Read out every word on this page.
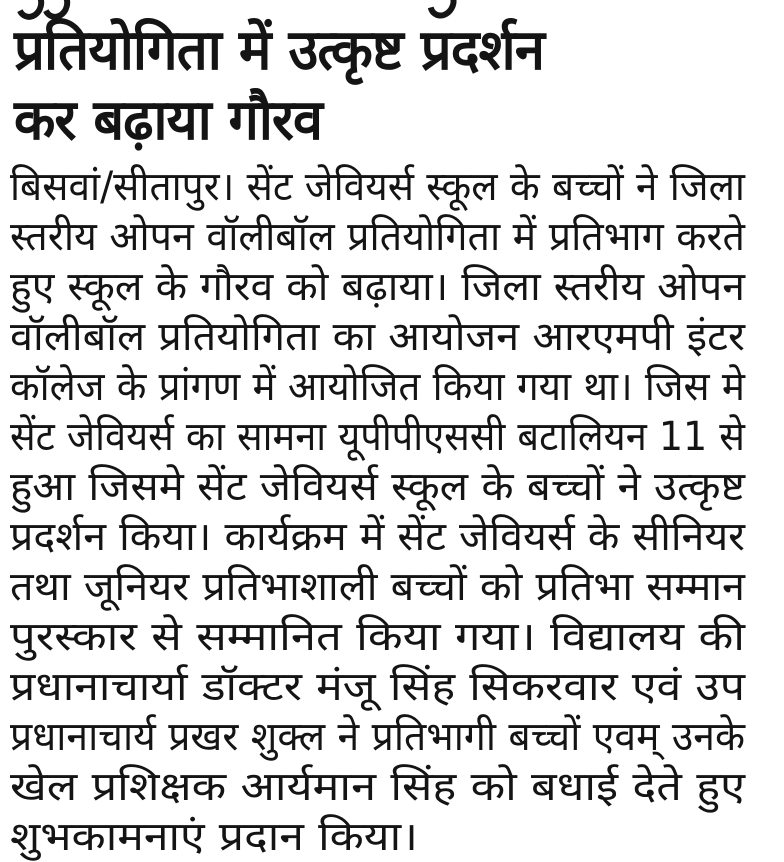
प्रतियोगिता में उत्कृष्ट प्रदर्शन
कर बढ़ाया गौरव
बिसवां/सीतापुर। सेंट जेवियर्स स्कूल के बच्चों ने जिला
स्तरीय ओपन वॉलीबॉल प्रतियोगिता में प्रतिभाग करते
हुए स्कूल के गौरव को बढ़ाया। जिला स्तरीय ओपन
वॉलीबॉल प्रतियोगिता का आयोजन आरएमपी इंटर
कॉलेज के प्रांगण में आयोजित किया गया था। जिस मे
सेंट जेवियर्स का सामना यूपीपीएससी बटालियन 11 से
हुआ जिसमे सेंट जेवियर्स स्कूल के बच्चों ने उत्कृष्ट
प्रदर्शन किया। कार्यक्रम में सेंट जेवियर्स के सीनियर
तथा जूनियर प्रतिभाशाली बच्चों को प्रतिभा सम्मान
पुरस्कार से सम्मानित किया गया। विद्यालय की
प्रधानाचार्या डॉक्टर मंजू सिंह सिकरवार एवं उप
प्रधानाचार्य प्रखर शुक्ल ने प्रतिभागी बच्चों एवम् उनके
खेल प्रशिक्षक आर्यमान सिंह को बधाई देते हुए
शुभकामनाएं प्रदान किया।
